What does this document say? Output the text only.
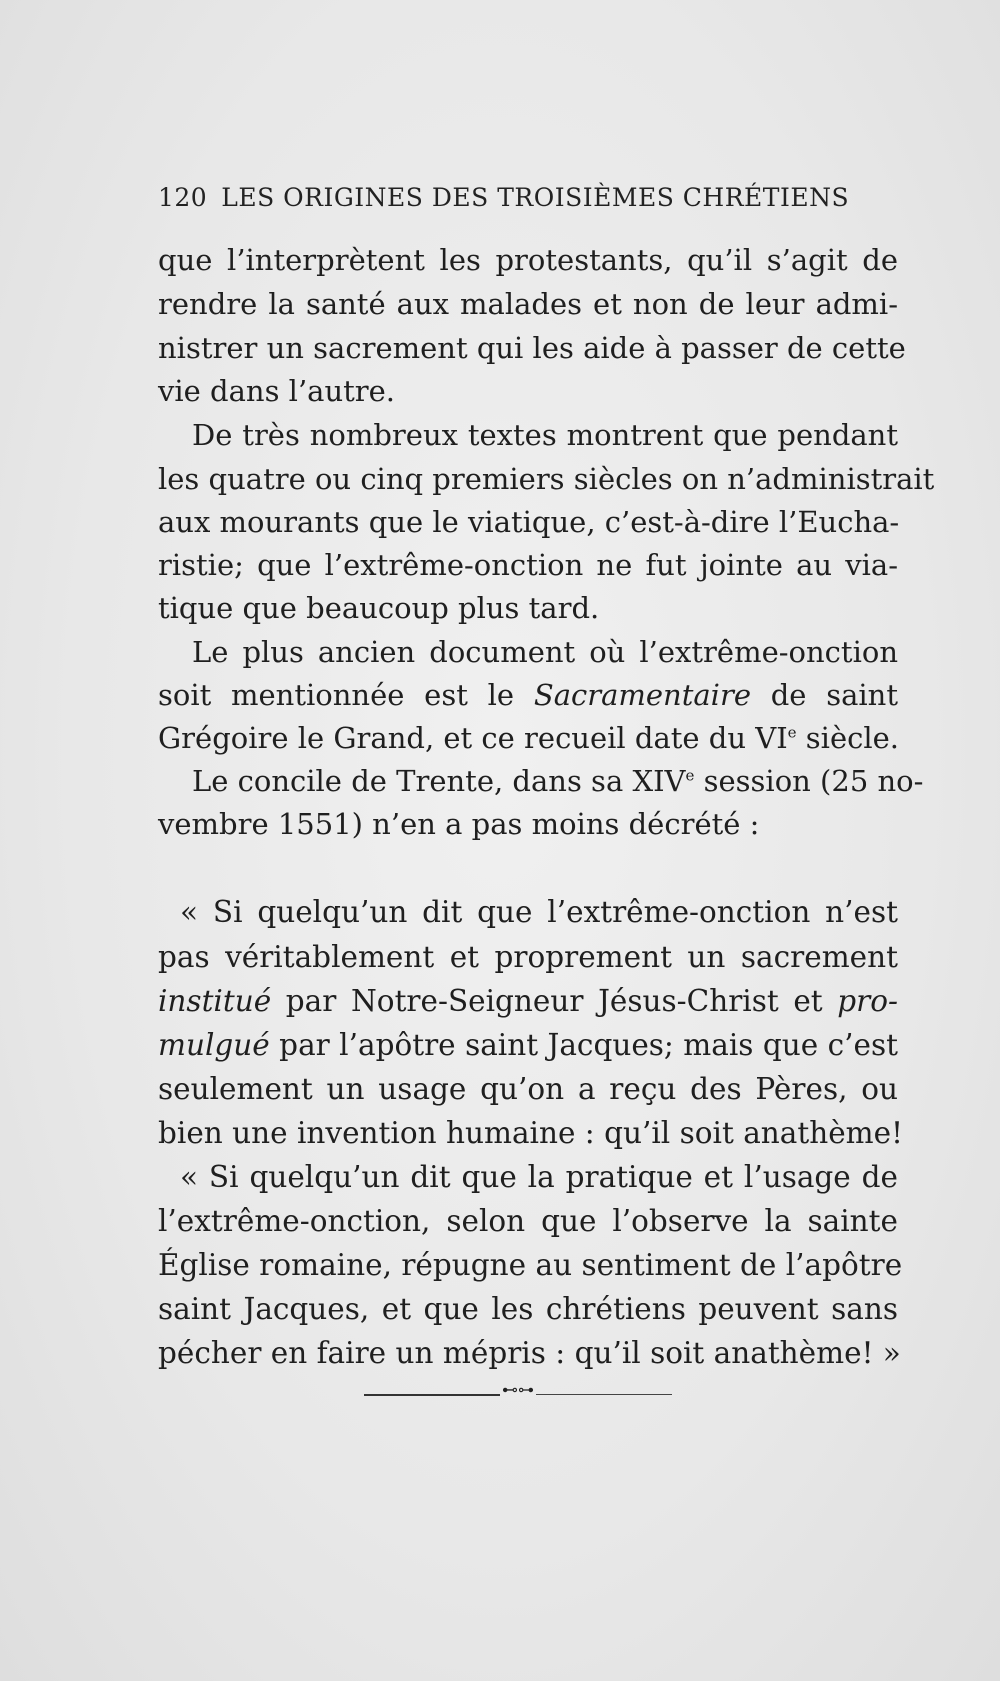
120 LES ORIGINES DES TROISIÈMES CHRÉTIENS
que l’interprètent les protestants, qu’il s’agit de
rendre la santé aux malades et non de leur admi-
nistrer un sacrement qui les aide à passer de cette
vie dans l’autre.
De très nombreux textes montrent que pendant
les quatre ou cinq premiers siècles on n’administrait
aux mourants que le viatique, c’est-à-dire l’Eucha-
ristie; que l’extrême-onction ne fut jointe au via-
tique que beaucoup plus tard.
Le plus ancien document où l’extrême-onction
soit mentionnée est le Sacramentaire de saint
Grégoire le Grand, et ce recueil date du VIe siècle.
Le concile de Trente, dans sa XIVe session (25 no-
vembre 1551) n’en a pas moins décrété :
« Si quelqu’un dit que l’extrême-onction n’est
pas véritablement et proprement un sacrement
institué par Notre-Seigneur Jésus-Christ et pro-
mulgué par l’apôtre saint Jacques; mais que c’est
seulement un usage qu’on a reçu des Pères, ou
bien une invention humaine : qu’il soit anathème!
« Si quelqu’un dit que la pratique et l’usage de
l’extrême-onction, selon que l’observe la sainte
Église romaine, répugne au sentiment de l’apôtre
saint Jacques, et que les chrétiens peuvent sans
pécher en faire un mépris : qu’il soit anathème! »
⊷⊶
